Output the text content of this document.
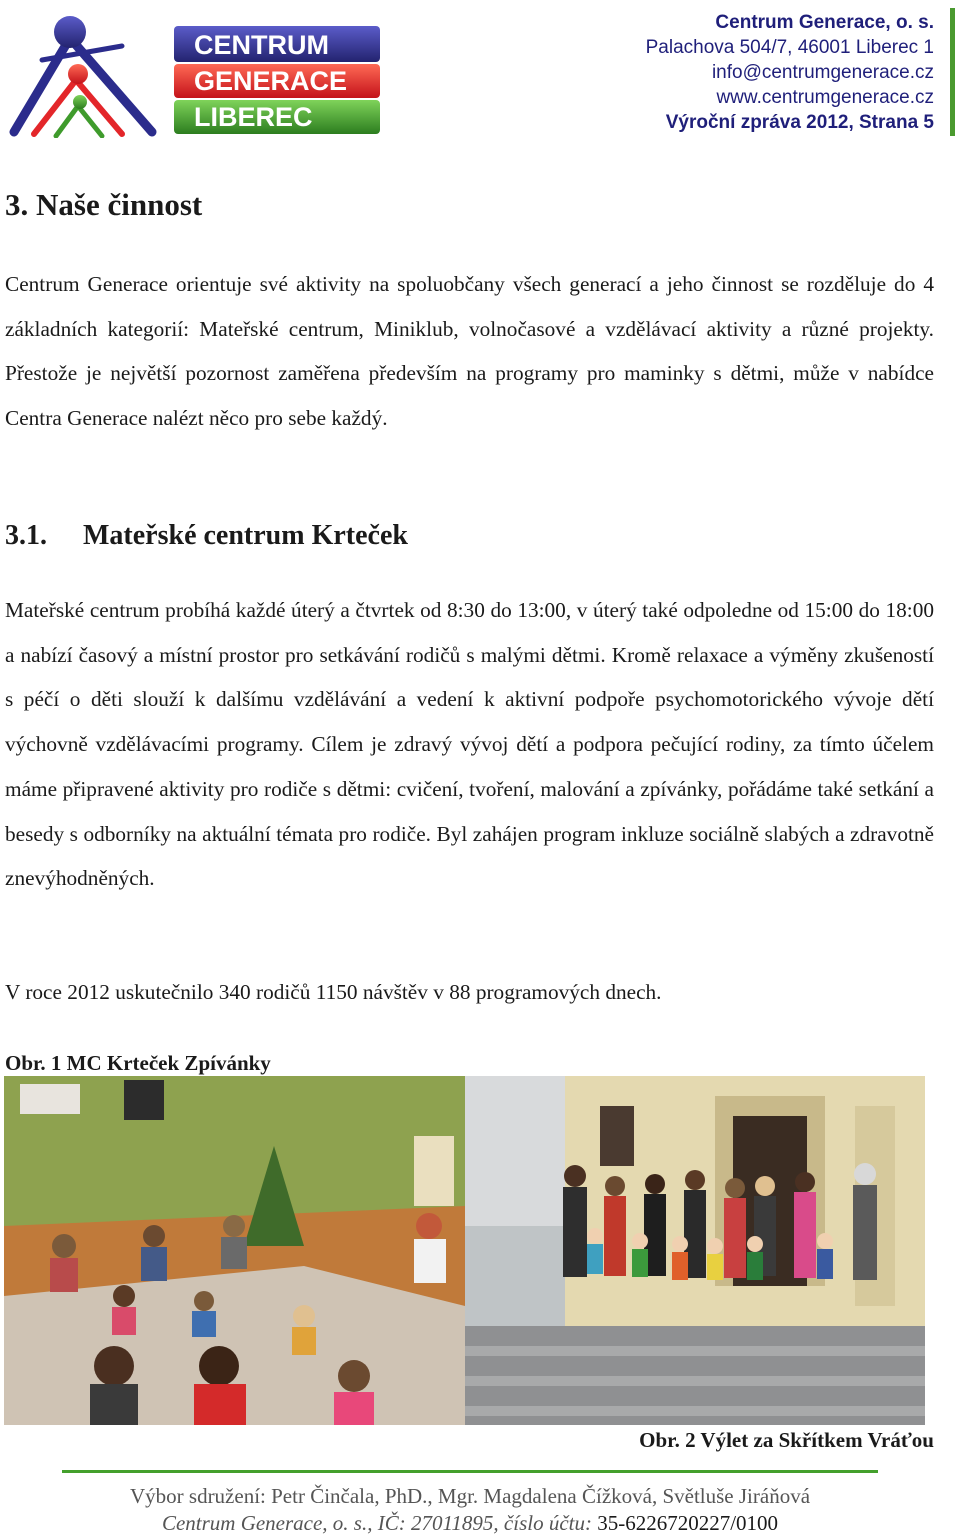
CENTRUM
GENERACE
LIBEREC
Centrum Generace, o. s.
Palachova 504/7, 46001 Liberec 1
info@centrumgenerace.cz
www.centrumgenerace.cz
Výroční zpráva 2012, Strana 5
3. Naše činnost

Centrum Generace orientuje své aktivity na spoluobčany všech generací a jeho činnost se rozděluje do 4 základních kategorií: Mateřské centrum, Miniklub, volnočasové a vzdělávací aktivity a různé projekty. Přestože je největší pozornost zaměřena především na programy pro maminky s dětmi, může v nabídce Centra Generace nalézt něco pro sebe každý.

3.1. Mateřské centrum Krteček

Mateřské centrum probíhá každé úterý a čtvrtek od 8:30 do 13:00, v úterý také odpoledne od 15:00 do 18:00 a nabízí časový a místní prostor pro setkávání rodičů s malými dětmi. Kromě relaxace a výměny zkušeností s péčí o děti slouží k dalšímu vzdělávání a vedení k aktivní podpoře psychomotorického vývoje dětí výchovně vzdělávacími programy. Cílem je zdravý vývoj dětí a podpora pečující rodiny, za tímto účelem máme připravené aktivity pro rodiče s dětmi: cvičení, tvoření, malování a zpívánky, pořádáme také setkání a besedy s odborníky na aktuální témata pro rodiče. Byl zahájen program inkluze sociálně slabých a zdravotně znevýhodněných.

V roce 2012 uskutečnilo 340 rodičů 1150 návštěv v 88 programových dnech.

Obr. 1 MC Krteček Zpívánky
Obr. 2 Výlet za Skřítkem Vráťou
Výbor sdružení: Petr Činčala, PhD., Mgr. Magdalena Čížková, Světluše Jiráňová
Centrum Generace, o. s., IČ: 27011895, číslo účtu: 35-6226720227/0100
